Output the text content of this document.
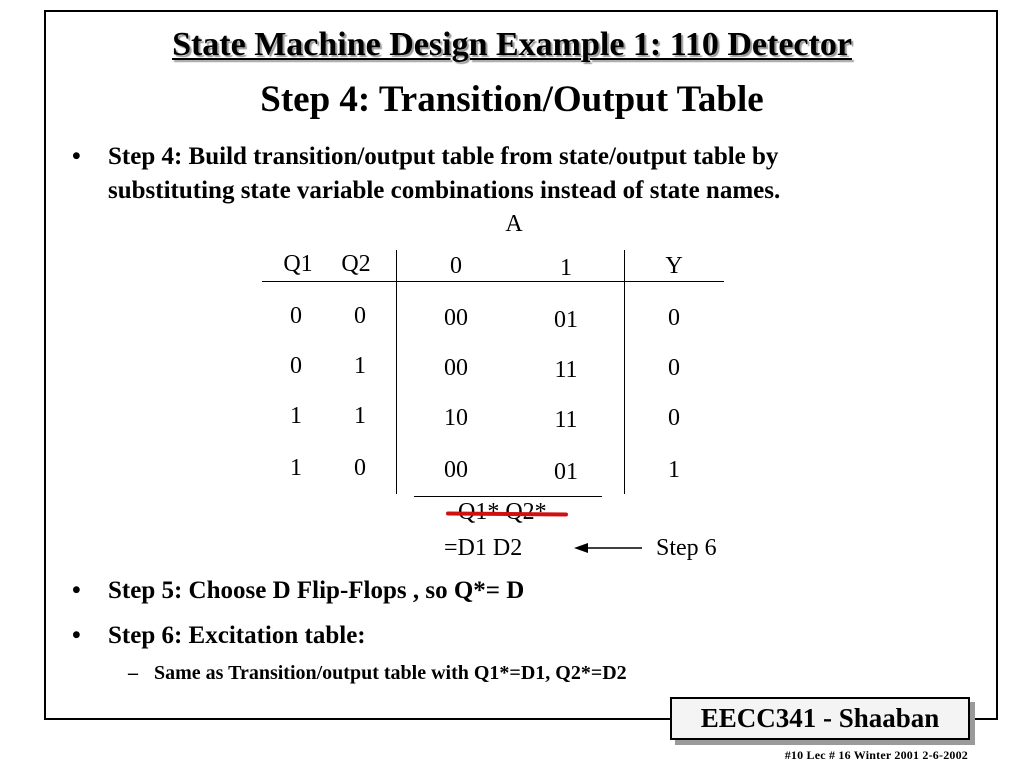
State Machine Design Example 1: 110 Detector
Step 4: Transition/Output Table
• Step 4: Build transition/output table from state/output table by
substituting state variable combinations instead of state names.
A
Q1	Q2	0	1	Y
0	0	00	01	0
0	1	00	11	0
1	1	10	11	0
1	0	00	01	1
=D1 D2	Step 6
• Step 5: Choose D Flip-Flops , so Q*= D
• Step 6: Excitation table:
– Same as Transition/output table with Q1*=D1, Q2*=D2
EECC341 - Shaaban
#10 Lec # 16 Winter 2001 2-6-2002
